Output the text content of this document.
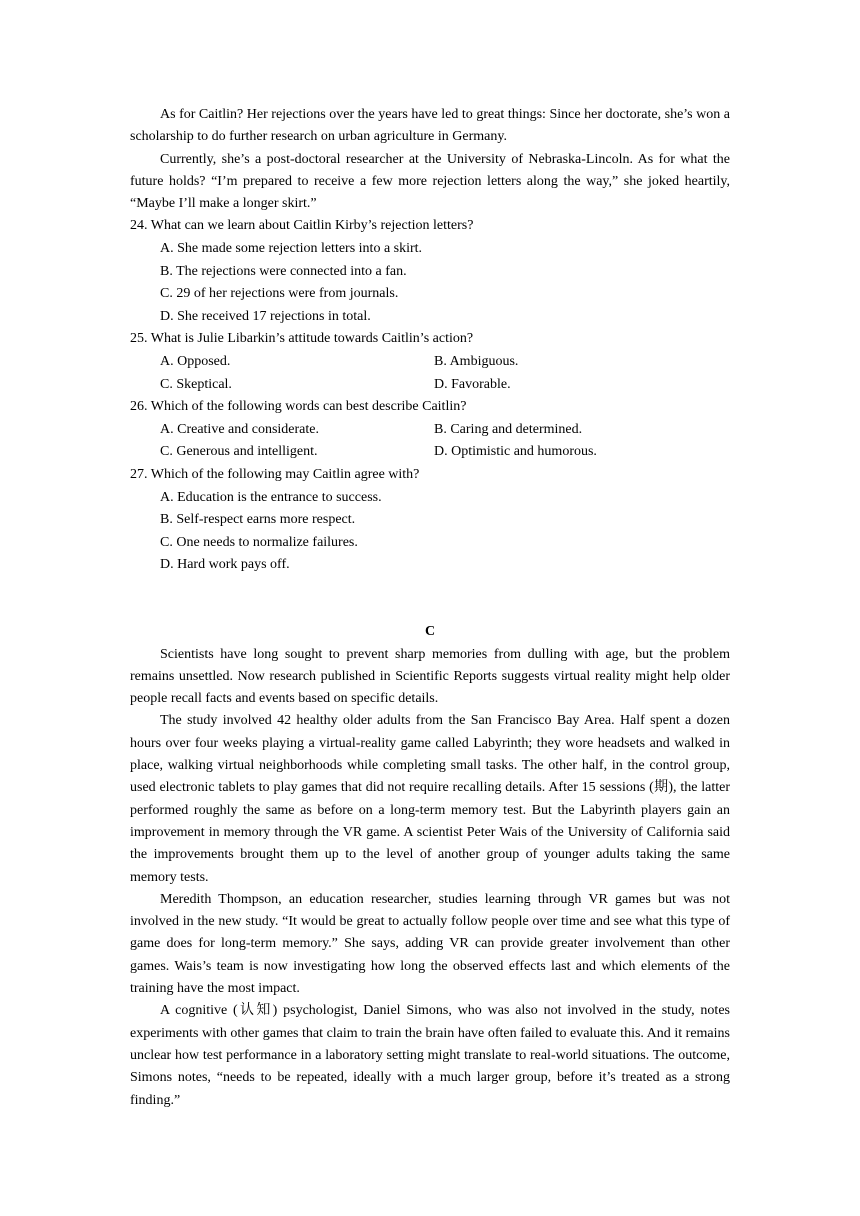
As for Caitlin? Her rejections over the years have led to great things: Since her doctorate, she’s won a scholarship to do further research on urban agriculture in Germany.

Currently, she’s a post-doctoral researcher at the University of Nebraska-Lincoln. As for what the future holds? “I’m prepared to receive a few more rejection letters along the way,” she joked heartily, “Maybe I’ll make a longer skirt.”

24. What can we learn about Caitlin Kirby’s rejection letters?

A. She made some rejection letters into a skirt.

B. The rejections were connected into a fan.

C. 29 of her rejections were from journals.

D. She received 17 rejections in total.

25. What is Julie Libarkin’s attitude towards Caitlin’s action?

A. Opposed.	B. Ambiguous.
C. Skeptical.	D. Favorable.

26. Which of the following words can best describe Caitlin?

A. Creative and considerate.	B. Caring and determined.
C. Generous and intelligent.	D. Optimistic and humorous.

27. Which of the following may Caitlin agree with?

A. Education is the entrance to success.

B. Self-respect earns more respect.

C. One needs to normalize failures.

D. Hard work pays off.

C

Scientists have long sought to prevent sharp memories from dulling with age, but the problem remains unsettled. Now research published in Scientific Reports suggests virtual reality might help older people recall facts and events based on specific details.

The study involved 42 healthy older adults from the San Francisco Bay Area. Half spent a dozen hours over four weeks playing a virtual-reality game called Labyrinth; they wore headsets and walked in place, walking virtual neighborhoods while completing small tasks. The other half, in the control group, used electronic tablets to play games that did not require recalling details. After 15 sessions (期), the latter performed roughly the same as before on a long-term memory test. But the Labyrinth players gain an improvement in memory through the VR game. A scientist Peter Wais of the University of California said the improvements brought them up to the level of another group of younger adults taking the same memory tests.

Meredith Thompson, an education researcher, studies learning through VR games but was not involved in the new study. “It would be great to actually follow people over time and see what this type of game does for long-term memory.” She says, adding VR can provide greater involvement than other games. Wais’s team is now investigating how long the observed effects last and which elements of the training have the most impact.

A cognitive (认知) psychologist, Daniel Simons, who was also not involved in the study, notes experiments with other games that claim to train the brain have often failed to evaluate this. And it remains unclear how test performance in a laboratory setting might translate to real-world situations. The outcome, Simons notes, “needs to be repeated, ideally with a much larger group, before it’s treated as a strong finding.”
